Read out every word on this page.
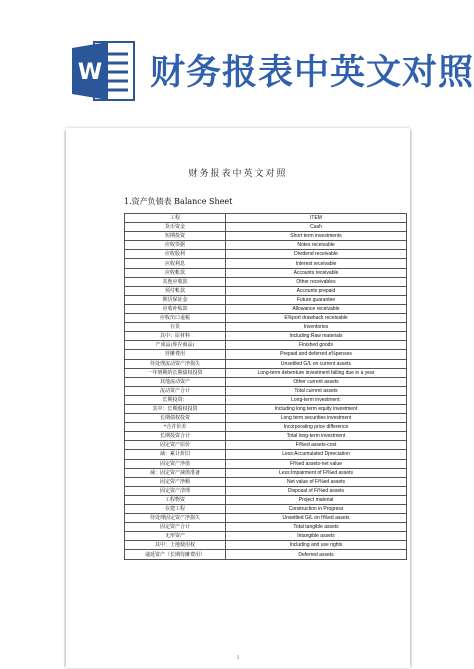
W 财务报表中英文对照
财务报表中英文对照
1.资产负债表 Balance Sheet
工程	ITEM
货币资金	Cash
短期投资	Short term investments
应收票据	Notes receivable
应收股利	Dividend receivable
应收利息	Interest receivable
应收帐款	Accounts receivable
其他应收款	Other receivables
预付帐款	Accounts prepaid
期货保证金	Future guarantee
应收补贴款	Allowance receivable
应收出口退税	E%port drawback receivable
存货	Inventories
其中：原材料	Including:Raw materials
产成品(库存商品)	Finished goods
待摊费用	Prepaid and deferred e%penses
待处理流动资产净损失	Unsettled G/L on current assets
一年到期的长期债权投资	Long-term debenture investment falling due in a year
其他流动资产	Other current assets
流动资产合计	Total current assets
长期投资：	Long-term investment:
其中：长期股权投资	Including long term equity investment
长期债权投资	Long term securities investment
*合并价差	Incorporating price difference
长期投资合计	Total long-term investment
固定资产原价	Fi%ed assets-cost
减：累计折旧	Less:Accumulated Dpreciation
固定资产净值	Fi%ed assets-net value
减：固定资产减值准备	Less:Impairment of Fi%ed assets
固定资产净额	Net value of Fi%ed assets
固定资产清理	Disposal of Fi%ed assets
工程物资	Project material
在建工程	Construction in Progress
待处理固定资产净损失	Unsettled G/L on fi%ed assets
固定资产合计	Total tangible assets
无形资产	Intangible assets
其中：土地使用权	Including and use rights
递延资产（长期待摊费用）	Deferred assets
1
